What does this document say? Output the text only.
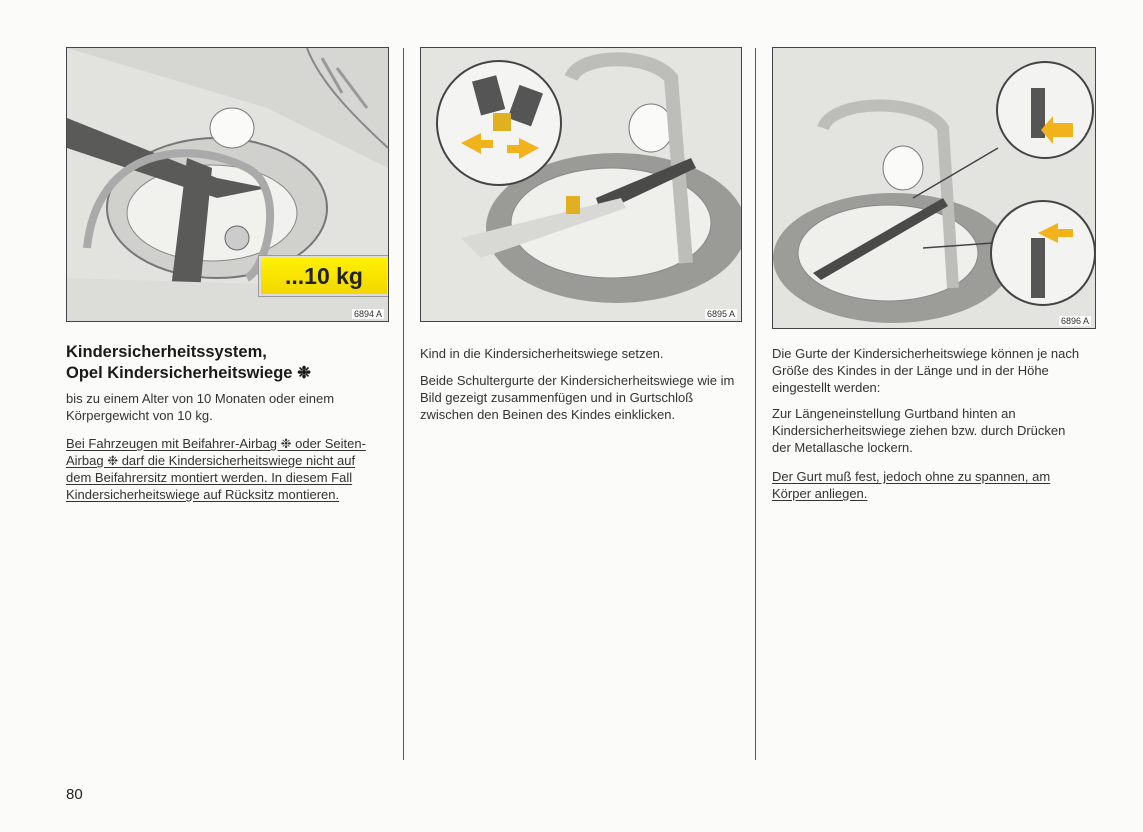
...10 kg
6894 A	6895 A
6896 A
Kindersicherheitssystem,
Opel Kindersicherheitswiege ❉
bis zu einem Alter von 10 Monaten oder einem Körpergewicht von 10 kg.
Bei Fahrzeugen mit Beifahrer-Airbag ❉ oder Seiten-Airbag ❉ darf die Kindersicherheitswiege nicht auf dem Beifahrersitz montiert werden. In diesem Fall Kindersicherheitswiege auf Rücksitz montieren.
Kind in die Kindersicherheitswiege setzen.
Beide Schultergurte der Kindersicherheitswiege wie im Bild gezeigt zusammenfügen und in Gurtschloß zwischen den Beinen des Kindes einklicken.
Die Gurte der Kindersicherheitswiege können je nach Größe des Kindes in der Länge und in der Höhe eingestellt werden:
Zur Längeneinstellung Gurtband hinten an Kindersicherheitswiege ziehen bzw. durch Drücken der Metallasche lockern.
Der Gurt muß fest, jedoch ohne zu spannen, am Körper anliegen.
80
